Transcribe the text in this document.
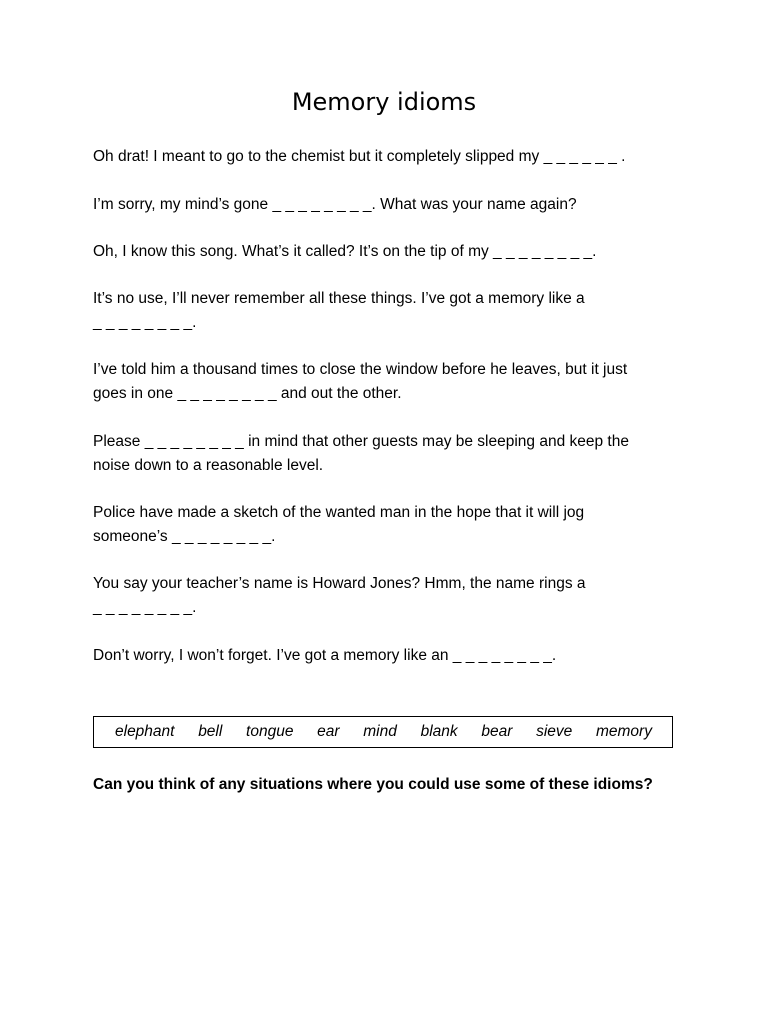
Memory idioms

Oh drat! I meant to go to the chemist but it completely slipped my _ _ _ _ _ _ .

I’m sorry, my mind’s gone _ _ _ _ _ _ _ _. What was your name again?

Oh, I know this song. What’s it called? It’s on the tip of my _ _ _ _ _ _ _ _.

It’s no use, I’ll never remember all these things. I’ve got a memory like a
_ _ _ _ _ _ _ _.

I’ve told him a thousand times to close the window before he leaves, but it just
goes in one _ _ _ _ _ _ _ _ and out the other.

Please _ _ _ _ _ _ _ _ in mind that other guests may be sleeping and keep the
noise down to a reasonable level.

Police have made a sketch of the wanted man in the hope that it will jog
someone’s _ _ _ _ _ _ _ _.

You say your teacher’s name is Howard Jones? Hmm, the name rings a
_ _ _ _ _ _ _ _.

Don’t worry, I won’t forget. I’ve got a memory like an _ _ _ _ _ _ _ _.

elephant bell tongue ear mind blank bear sieve memory

Can you think of any situations where you could use some of these idioms?
